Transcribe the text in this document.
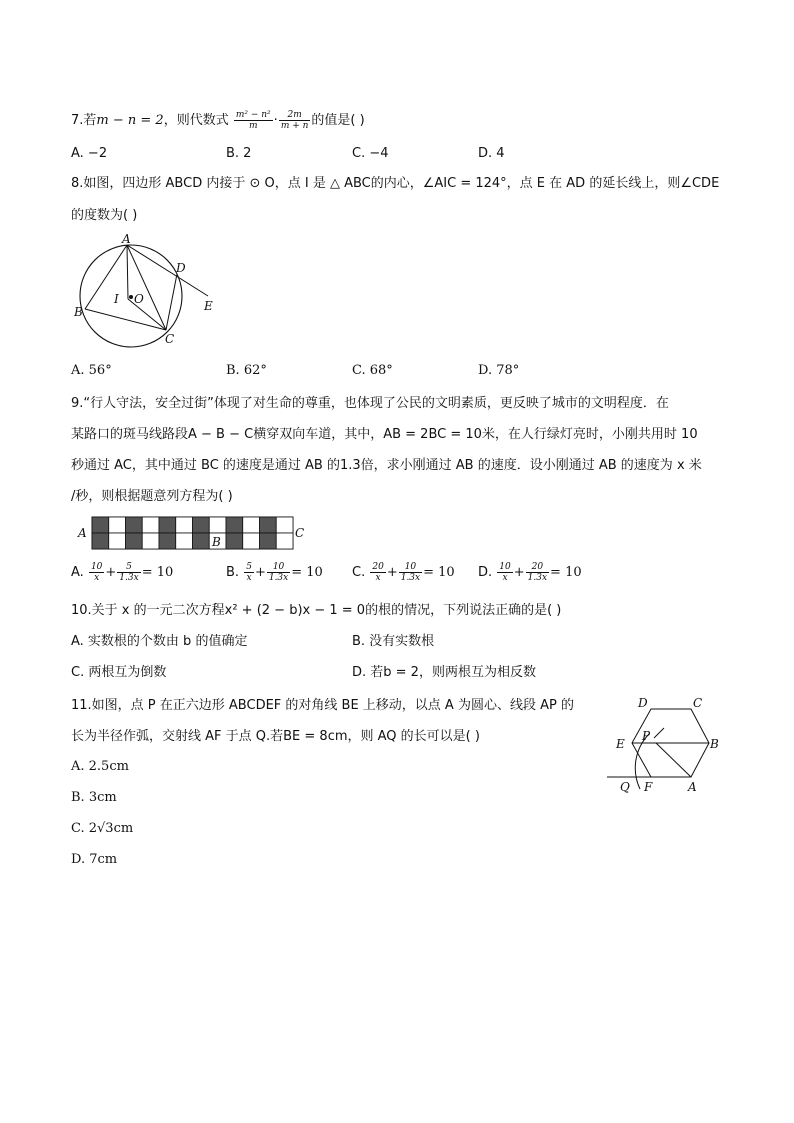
7.若m − n = 2，则代数式 $\frac{\text{m² − n²}}{m} \cdot \frac{2m}{m + n}$ 的值是( )
A. −2	B. 2	C. −4	D. 4
8.如图，四边形 ABCD 内接于 ⊙ O，点 I 是 △ ABC的内心，∠AIC = 124°，点 E 在 AD 的延长线上，则∠CDE
的度数为( )
A
B
C
D
E
I O
A. 56°	B. 62°	C. 68°	D. 78°
9.“行人守法，安全过街”体现了对生命的尊重，也体现了公民的文明素质，更反映了城市的文明程度．在
某路口的斑马线路段A − B − C横穿双向车道，其中，AB = 2BC = 10米，在人行绿灯亮时，小刚共用时 10
秒通过 AC，其中通过 BC 的速度是通过 AB 的1.3倍，求小刚通过 AB 的速度．设小刚通过 AB 的速度为 x 米
/秒，则根据题意列方程为( )
A
B
C
A. $\frac{10}{x} + \frac{5}{1.3x} = 10$	B. $\frac{5}{x} + \frac{10}{1.3x} = 10$ C. $\frac{20}{x} + \frac{10}{1.3x} = 10$ D. $\frac{10}{x} + \frac{20}{1.3x} = 10$
10.关于 x 的一元二次方程x² + (2 − b)x − 1 = 0的根的情况，下列说法正确的是( )
A. 实数根的个数由 b 的值确定	B. 没有实数根
C. 两根互为倒数	D. 若b = 2，则两根互为相反数
11.如图，点 P 在正六边形 ABCDEF 的对角线 BE 上移动，以点 A 为圆心、线段 AP 的
长为半径作弧，交射线 AF 于点 Q.若BE = 8cm，则 AQ 的长可以是( )
A
B
C
D
E
F
P
Q
A. 2.5cm
B. 3cm
C. 2√3cm
D. 7cm
